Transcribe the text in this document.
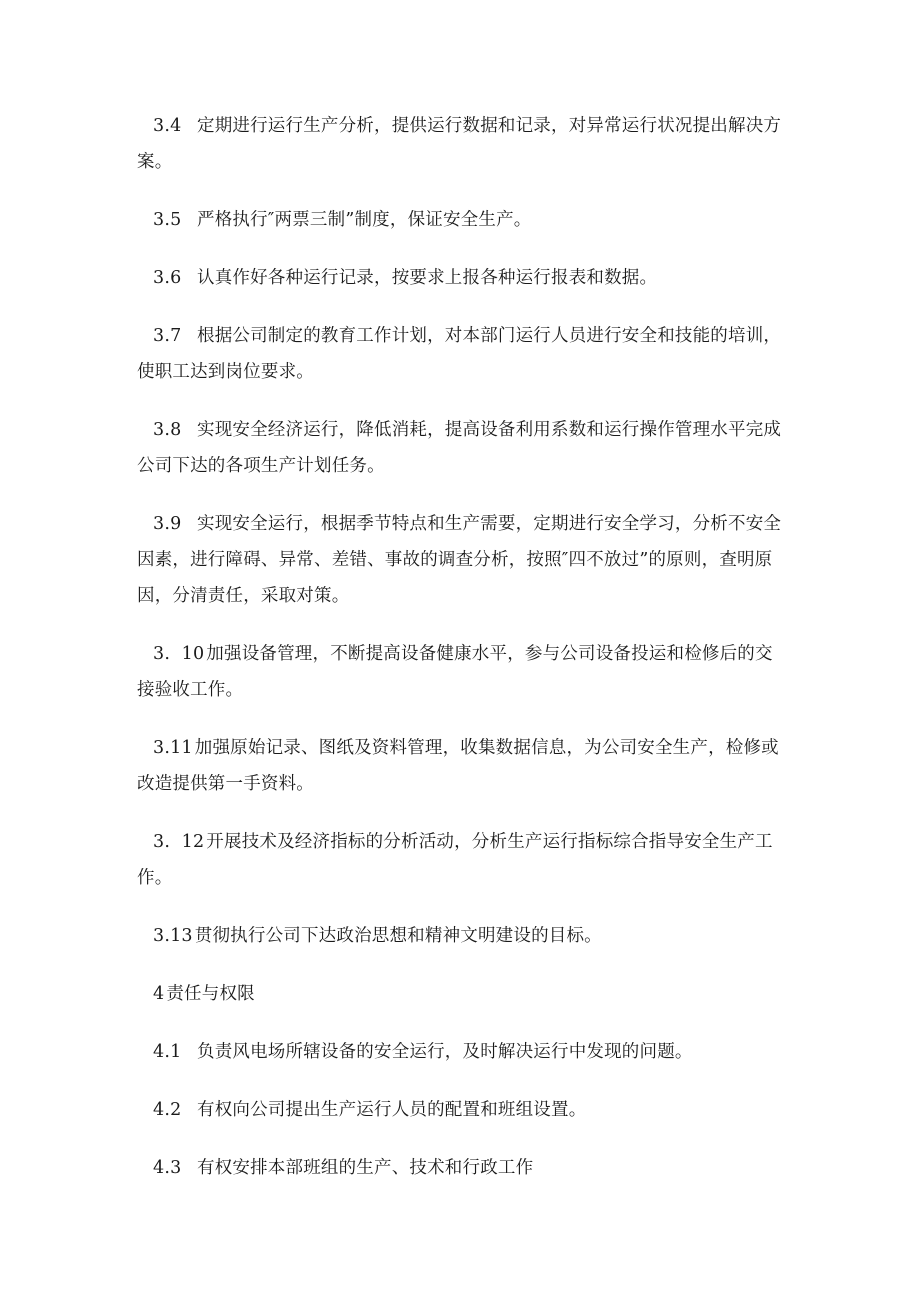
3.4 定期进行运行生产分析，提供运行数据和记录，对异常运行状况提出解决方案。

3.5 严格执行″两票三制”制度，保证安全生产。

3.6 认真作好各种运行记录，按要求上报各种运行报表和数据。

3.7 根据公司制定的教育工作计划，对本部门运行人员进行安全和技能的培训，使职工达到岗位要求。

3.8 实现安全经济运行，降低消耗，提高设备利用系数和运行操作管理水平完成公司下达的各项生产计划任务。

3.9 实现安全运行，根据季节特点和生产需要，定期进行安全学习，分析不安全因素，进行障碍、异常、差错、事故的调查分析，按照″四不放过”的原则，查明原因，分清责任，采取对策。

3.  10 加强设备管理，不断提高设备健康水平，参与公司设备投运和检修后的交接验收工作。

3.11 加强原始记录、图纸及资料管理，收集数据信息，为公司安全生产，检修或改造提供第一手资料。

3.  12 开展技术及经济指标的分析活动，分析生产运行指标综合指导安全生产工作。

3.13 贯彻执行公司下达政治思想和精神文明建设的目标。

4 责任与权限

4.1 负责风电场所辖设备的安全运行，及时解决运行中发现的问题。

4.2 有权向公司提出生产运行人员的配置和班组设置。

4.3 有权安排本部班组的生产、技术和行政工作
